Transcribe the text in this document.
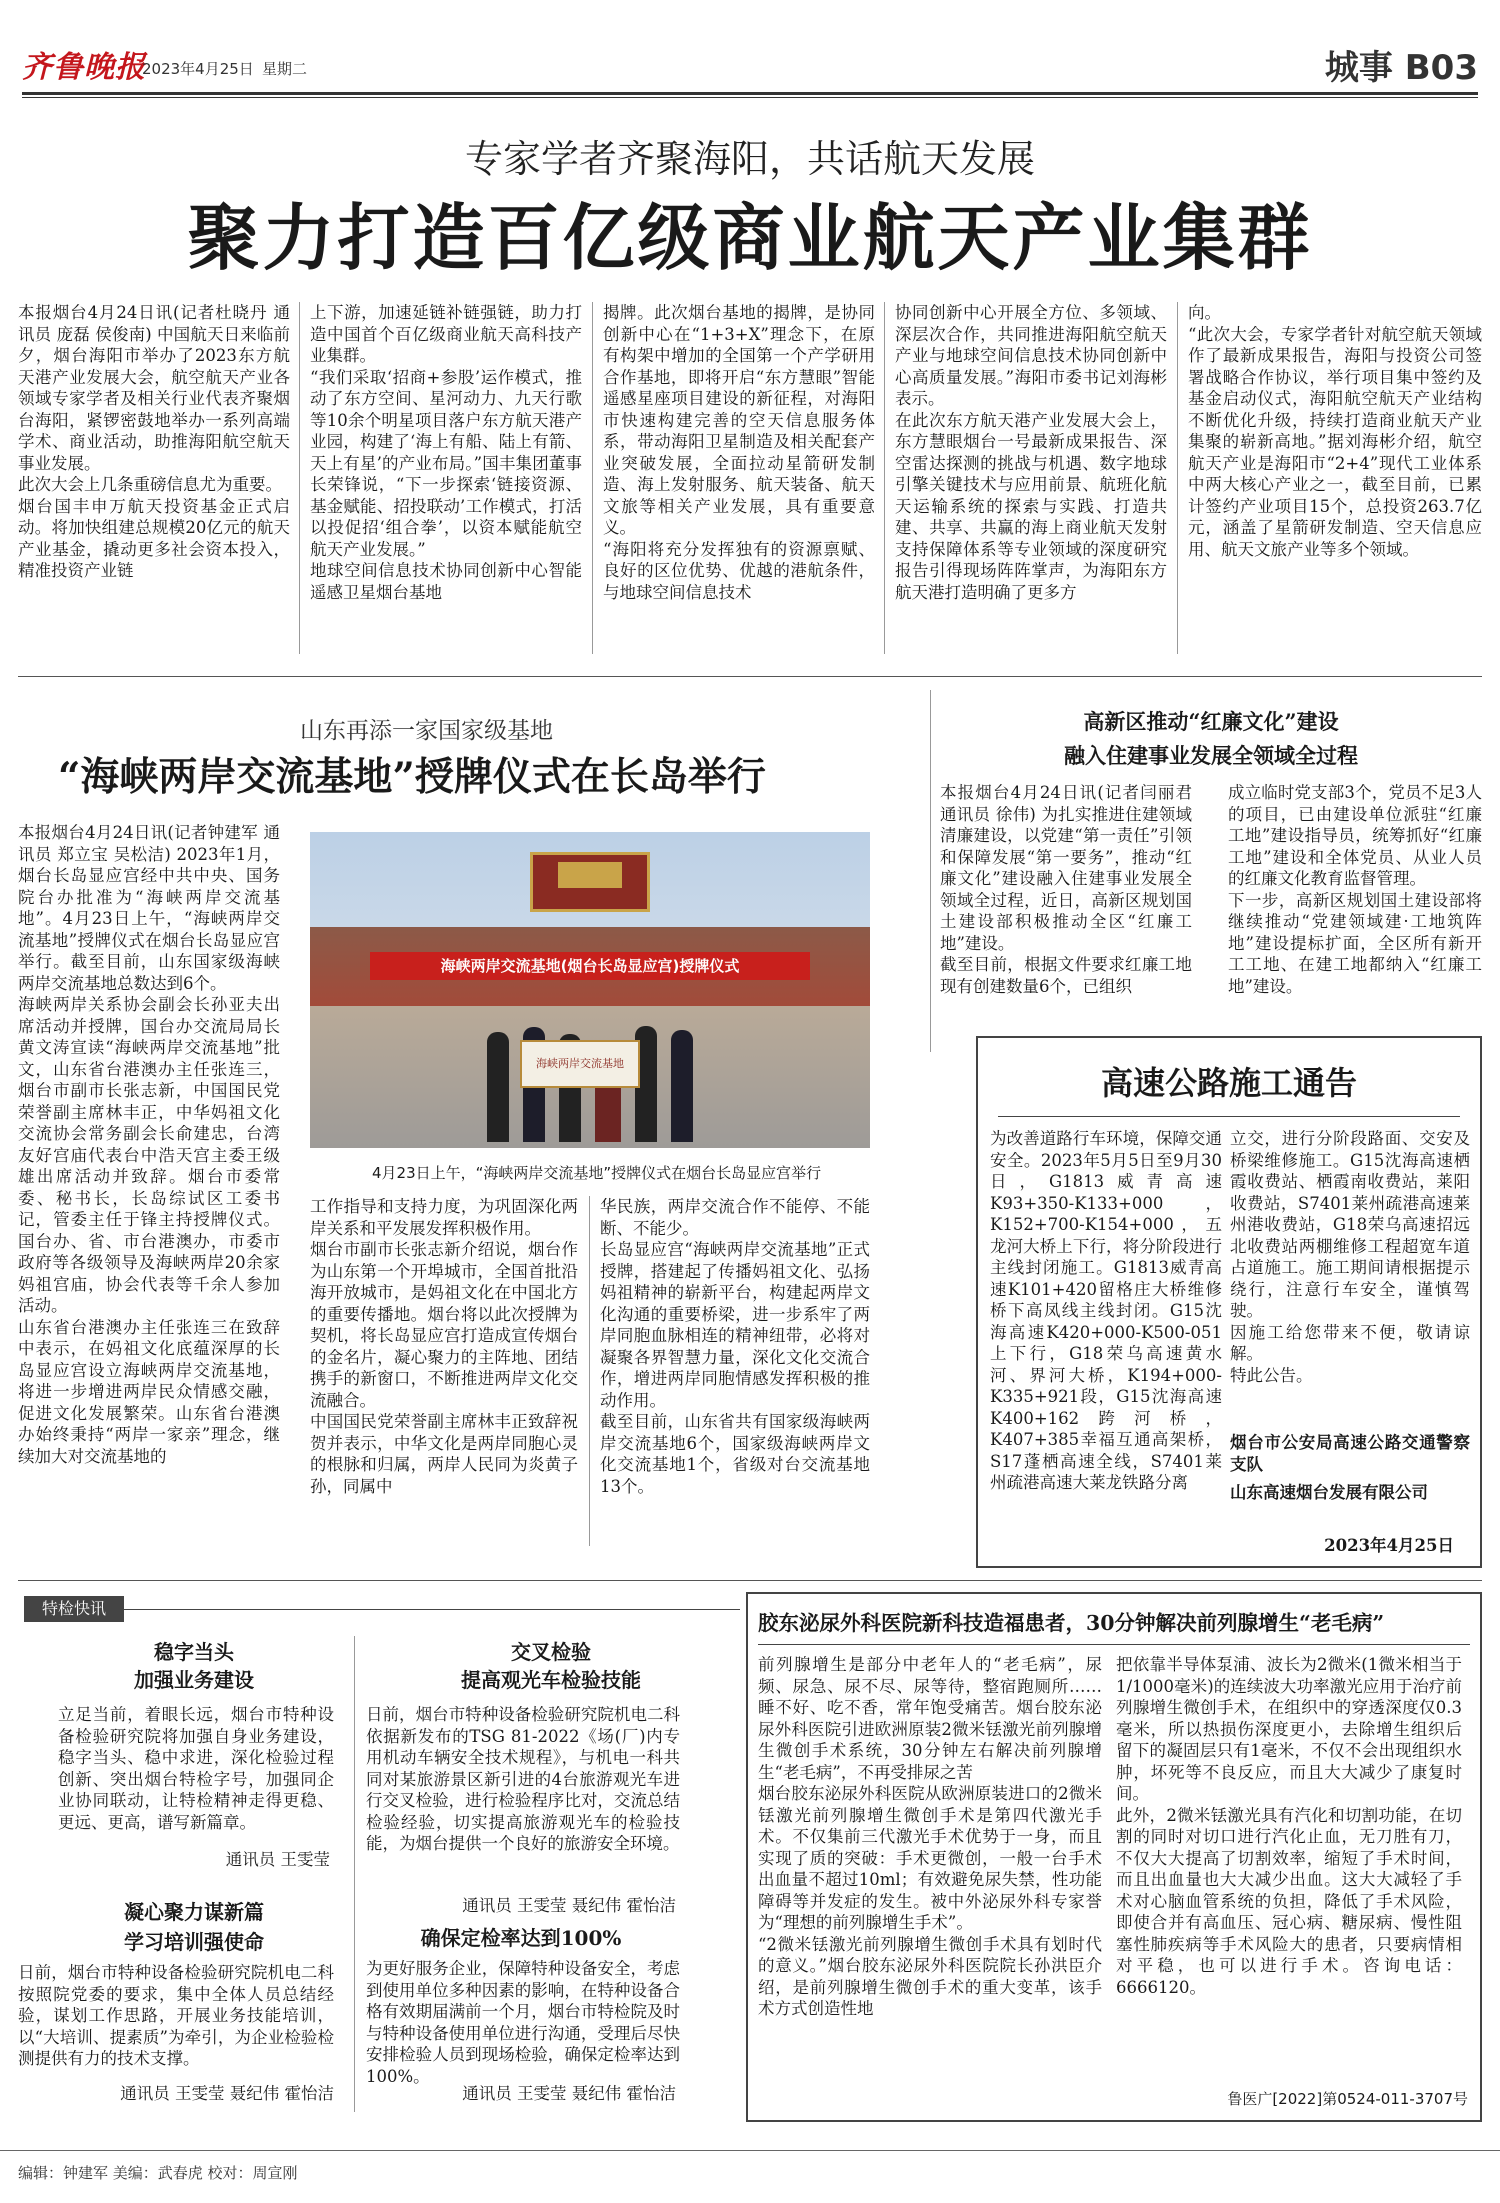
齐鲁晚报
2023年4月25日 星期二	城事 B03
专家学者齐聚海阳，共话航天发展
聚力打造百亿级商业航天产业集群
本报烟台4月24日讯(记者杜晓丹 通讯员 庞磊 侯俊南) 中国航天日来临前夕，烟台海阳市举办了2023东方航天港产业发展大会，航空航天产业各领域专家学者及相关行业代表齐聚烟台海阳，紧锣密鼓地举办一系列高端学术、商业活动，助推海阳航空航天事业发展。
此次大会上几条重磅信息尤为重要。
烟台国丰申万航天投资基金正式启动。将加快组建总规模20亿元的航天产业基金，撬动更多社会资本投入，精准投资产业链
上下游，加速延链补链强链，助力打造中国首个百亿级商业航天高科技产业集群。
“我们采取‘招商+参股’运作模式，推动了东方空间、星河动力、九天行歌等10余个明星项目落户东方航天港产业园，构建了‘海上有船、陆上有箭、天上有星’的产业布局。”国丰集团董事长荣锋说，“下一步探索‘链接资源、基金赋能、招投联动’工作模式，打活以投促招‘组合拳’，以资本赋能航空航天产业发展。”
地球空间信息技术协同创新中心智能遥感卫星烟台基地
揭牌。此次烟台基地的揭牌，是协同创新中心在“1+3+X”理念下，在原有构架中增加的全国第一个产学研用合作基地，即将开启“东方慧眼”智能遥感星座项目建设的新征程，对海阳市快速构建完善的空天信息服务体系，带动海阳卫星制造及相关配套产业突破发展，全面拉动星箭研发制造、海上发射服务、航天装备、航天文旅等相关产业发展，具有重要意义。
“海阳将充分发挥独有的资源禀赋、良好的区位优势、优越的港航条件，与地球空间信息技术
协同创新中心开展全方位、多领域、深层次合作，共同推进海阳航空航天产业与地球空间信息技术协同创新中心高质量发展。”海阳市委书记刘海彬表示。
在此次东方航天港产业发展大会上，东方慧眼烟台一号最新成果报告、深空雷达探测的挑战与机遇、数字地球引擎关键技术与应用前景、航班化航天运输系统的探索与实践、打造共建、共享、共赢的海上商业航天发射支持保障体系等专业领域的深度研究报告引得现场阵阵掌声，为海阳东方航天港打造明确了更多方
向。
“此次大会，专家学者针对航空航天领域作了最新成果报告，海阳与投资公司签署战略合作协议，举行项目集中签约及基金启动仪式，海阳航空航天产业结构不断优化升级，持续打造商业航天产业集聚的崭新高地。”据刘海彬介绍，航空航天产业是海阳市“2+4”现代工业体系中两大核心产业之一，截至目前，已累计签约产业项目15个，总投资263.7亿元，涵盖了星箭研发制造、空天信息应用、航天文旅产业等多个领域。
山东再添一家国家级基地
“海峡两岸交流基地”授牌仪式在长岛举行
本报烟台4月24日讯(记者钟建军 通讯员 郑立宝 吴松洁) 2023年1月，烟台长岛显应宫经中共中央、国务院台办批准为“海峡两岸交流基地”。4月23日上午，“海峡两岸交流基地”授牌仪式在烟台长岛显应宫举行。截至目前，山东国家级海峡两岸交流基地总数达到6个。
海峡两岸关系协会副会长孙亚夫出席活动并授牌，国台办交流局局长黄文涛宣读“海峡两岸交流基地”批文，山东省台港澳办主任张连三，烟台市副市长张志新，中国国民党荣誉副主席林丰正，中华妈祖文化交流协会常务副会长俞建忠，台湾友好宫庙代表台中浩天宫主委王级雄出席活动并致辞。烟台市委常委、秘书长，长岛综试区工委书记，管委主任于锋主持授牌仪式。国台办、省、市台港澳办，市委市政府等各级领导及海峡两岸20余家妈祖宫庙，协会代表等千余人参加活动。
山东省台港澳办主任张连三在致辞中表示，在妈祖文化底蕴深厚的长岛显应宫设立海峡两岸交流基地，将进一步增进两岸民众情感交融，促进文化发展繁荣。山东省台港澳办始终秉持“两岸一家亲”理念，继续加大对交流基地的
海峡两岸交流基地(烟台长岛显应宫)授牌仪式
海峡两岸交流基地
4月23日上午，“海峡两岸交流基地”授牌仪式在烟台长岛显应宫举行
工作指导和支持力度，为巩固深化两岸关系和平发展发挥积极作用。
烟台市副市长张志新介绍说，烟台作为山东第一个开埠城市，全国首批沿海开放城市，是妈祖文化在中国北方的重要传播地。烟台将以此次授牌为契机，将长岛显应宫打造成宣传烟台的金名片，凝心聚力的主阵地、团结携手的新窗口，不断推进两岸文化交流融合。
中国国民党荣誉副主席林丰正致辞祝贺并表示，中华文化是两岸同胞心灵的根脉和归属，两岸人民同为炎黄子孙，同属中
华民族，两岸交流合作不能停、不能断、不能少。
长岛显应宫“海峡两岸交流基地”正式授牌，搭建起了传播妈祖文化、弘扬妈祖精神的崭新平台，构建起两岸文化沟通的重要桥梁，进一步系牢了两岸同胞血脉相连的精神纽带，必将对凝聚各界智慧力量，深化文化交流合作，增进两岸同胞情感发挥积极的推动作用。
截至目前，山东省共有国家级海峡两岸交流基地6个，国家级海峡两岸文化交流基地1个，省级对台交流基地13个。
高新区推动“红廉文化”建设
融入住建事业发展全领域全过程
本报烟台4月24日讯(记者闫丽君 通讯员 徐伟) 为扎实推进住建领域清廉建设，以党建“第一责任”引领和保障发展“第一要务”，推动“红廉文化”建设融入住建事业发展全领域全过程，近日，高新区规划国土建设部积极推动全区“红廉工地”建设。
截至目前，根据文件要求红廉工地现有创建数量6个，已组织
成立临时党支部3个，党员不足3人的项目，已由建设单位派驻“红廉工地”建设指导员，统筹抓好“红廉工地”建设和全体党员、从业人员的红廉文化教育监督管理。
下一步，高新区规划国土建设部将继续推动“党建领域建·工地筑阵地”建设提标扩面，全区所有新开工工地、在建工地都纳入“红廉工地”建设。
高速公路施工通告
为改善道路行车环境，保障交通安全。2023年5月5日至9月30日，G1813威青高速K93+350-K133+000，K152+700-K154+000，五龙河大桥上下行，将分阶段进行主线封闭施工。G1813威青高速K101+420留格庄大桥维修桥下高凤线主线封闭。G15沈海高速K420+000-K500-051上下行，G18荣乌高速黄水河、界河大桥，K194+000-K335+921段，G15沈海高速K400+162跨河桥，K407+385幸福互通高架桥，S17蓬栖高速全线，S7401莱州疏港高速大莱龙铁路分离
立交，进行分阶段路面、交安及桥梁维修施工。G15沈海高速栖霞收费站、栖霞南收费站，莱阳收费站，S7401莱州疏港高速莱州港收费站，G18荣乌高速招远北收费站两棚维修工程超宽车道占道施工。施工期间请根据提示绕行，注意行车安全，谨慎驾驶。
因施工给您带来不便，敬请谅解。
特此公告。
烟台市公安局高速公路交通警察支队
山东高速烟台发展有限公司
2023年4月25日
特检快讯
稳字当头
加强业务建设
立足当前，着眼长远，烟台市特种设备检验研究院将加强自身业务建设，稳字当头、稳中求进，深化检验过程创新、突出烟台特检字号，加强同企业协同联动，让特检精神走得更稳、更远、更高，谱写新篇章。
通讯员 王雯莹
凝心聚力谋新篇
学习培训强使命
日前，烟台市特种设备检验研究院机电二科按照院党委的要求，集中全体人员总结经验，谋划工作思路，开展业务技能培训，以“大培训、提素质”为牵引，为企业检验检测提供有力的技术支撑。
通讯员 王雯莹 聂纪伟 霍怡洁
交叉检验
提高观光车检验技能
日前，烟台市特种设备检验研究院机电二科依据新发布的TSG 81-2022《场(厂)内专用机动车辆安全技术规程》，与机电一科共同对某旅游景区新引进的4台旅游观光车进行交叉检验，进行检验程序比对，交流总结检验经验，切实提高旅游观光车的检验技能，为烟台提供一个良好的旅游安全环境。
通讯员 王雯莹 聂纪伟 霍怡洁
确保定检率达到100%
为更好服务企业，保障特种设备安全，考虑到使用单位多种因素的影响，在特种设备合格有效期届满前一个月，烟台市特检院及时与特种设备使用单位进行沟通，受理后尽快安排检验人员到现场检验，确保定检率达到100%。
通讯员 王雯莹 聂纪伟 霍怡洁
胶东泌尿外科医院新科技造福患者，30分钟解决前列腺增生“老毛病”
前列腺增生是部分中老年人的“老毛病”，尿频、尿急、尿不尽、尿等待，整宿跑厕所……睡不好、吃不香，常年饱受痛苦。烟台胶东泌尿外科医院引进欧洲原装2微米铥激光前列腺增生微创手术系统，30分钟左右解决前列腺增生“老毛病”，不再受排尿之苦
烟台胶东泌尿外科医院从欧洲原装进口的2微米铥激光前列腺增生微创手术是第四代激光手术。不仅集前三代激光手术优势于一身，而且实现了质的突破：手术更微创，一般一台手术出血量不超过10ml；有效避免尿失禁，性功能障碍等并发症的发生。被中外泌尿外科专家誉为“理想的前列腺增生手术”。
“2微米铥激光前列腺增生微创手术具有划时代的意义。”烟台胶东泌尿外科医院院长孙洪臣介绍，是前列腺增生微创手术的重大变革，该手术方式创造性地
把依靠半导体泵浦、波长为2微米(1微米相当于1/1000毫米)的连续波大功率激光应用于治疗前列腺增生微创手术，在组织中的穿透深度仅0.3毫米，所以热损伤深度更小，去除增生组织后留下的凝固层只有1毫米，不仅不会出现组织水肿，坏死等不良反应，而且大大减少了康复时间。
此外，2微米铥激光具有汽化和切割功能，在切割的同时对切口进行汽化止血，无刀胜有刀，不仅大大提高了切割效率，缩短了手术时间，而且出血量也大大减少出血。这大大减轻了手术对心脑血管系统的负担，降低了手术风险，即使合并有高血压、冠心病、糖尿病、慢性阻塞性肺疾病等手术风险大的患者，只要病情相对平稳，也可以进行手术。咨询电话：6666120。
鲁医广[2022]第0524-011-3707号
编辑：钟建军 美编：武春虎 校对：周宣刚
